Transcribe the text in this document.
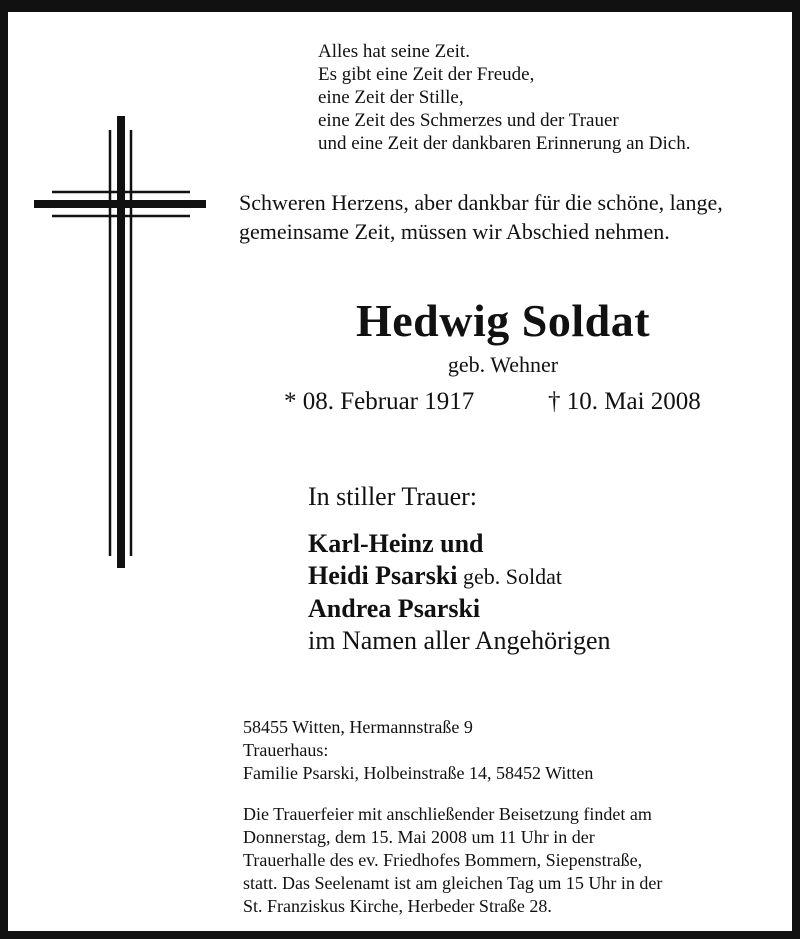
Alles hat seine Zeit.
Es gibt eine Zeit der Freude,
eine Zeit der Stille,
eine Zeit des Schmerzes und der Trauer
und eine Zeit der dankbaren Erinnerung an Dich.
Schweren Herzens, aber dankbar für die schöne, lange, gemeinsame Zeit, müssen wir Abschied nehmen.
Hedwig Soldat
geb. Wehner
* 08. Februar 1917	† 10. Mai 2008
In stiller Trauer:
Karl-Heinz und
Heidi Psarski geb. Soldat
Andrea Psarski
im Namen aller Angehörigen
58455 Witten, Hermannstraße 9
Trauerhaus:
Familie Psarski, Holbeinstraße 14, 58452 Witten
Die Trauerfeier mit anschließender Beisetzung findet am
Donnerstag, dem 15. Mai 2008 um 11 Uhr in der
Trauerhalle des ev. Friedhofes Bommern, Siepenstraße,
statt. Das Seelenamt ist am gleichen Tag um 15 Uhr in der
St. Franziskus Kirche, Herbeder Straße 28.
